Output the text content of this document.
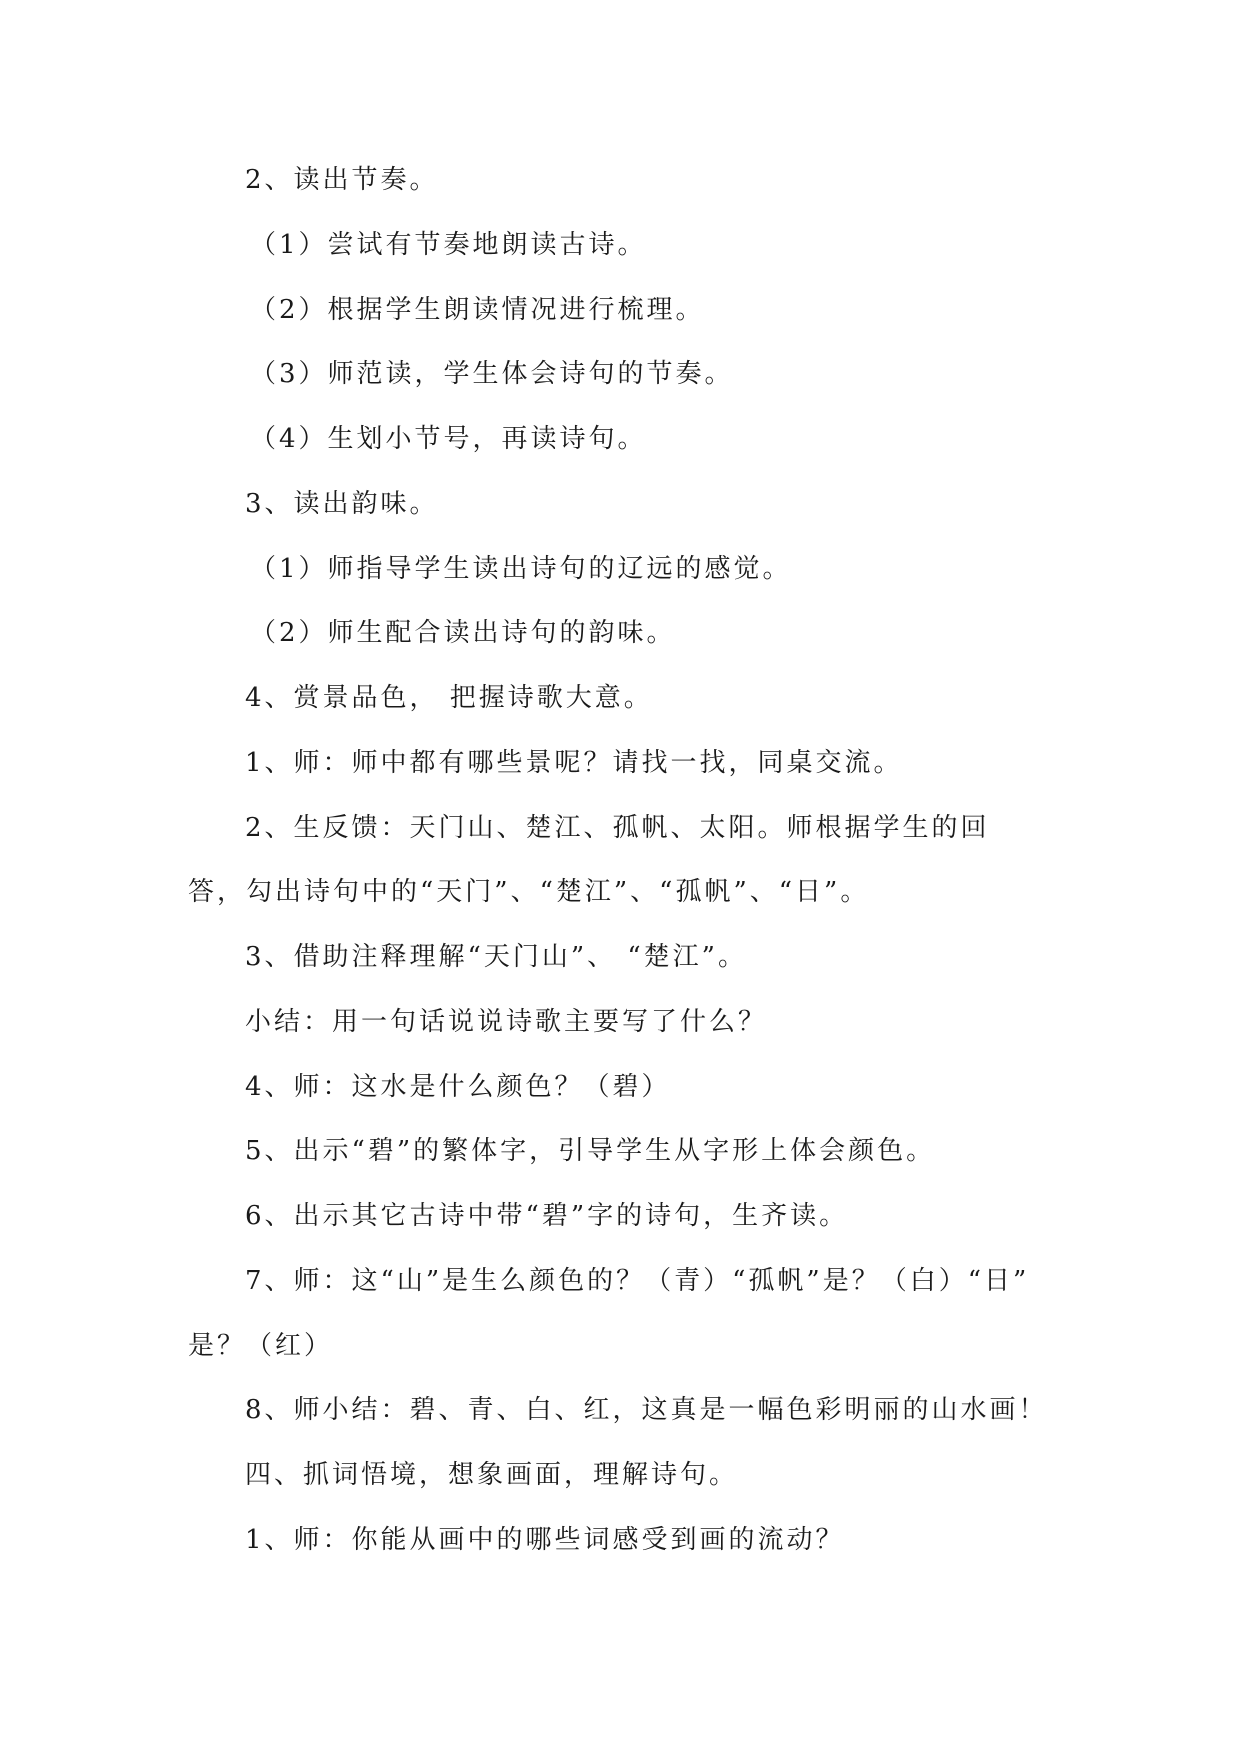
2、读出节奏。
（1）尝试有节奏地朗读古诗。
（2）根据学生朗读情况进行梳理。
（3）师范读，学生体会诗句的节奏。
（4）生划小节号，再读诗句。
3、读出韵味。
（1）师指导学生读出诗句的辽远的感觉。
（2）师生配合读出诗句的韵味。
4、赏景品色， 把握诗歌大意。
1、师：师中都有哪些景呢？请找一找，同桌交流。
2、生反馈：天门山、楚江、孤帆、太阳。师根据学生的回
答，勾出诗句中的“天门”、“楚江”、“孤帆”、“日”。
3、借助注释理解“天门山”、 “楚江”。
小结：用一句话说说诗歌主要写了什么？
4、师：这水是什么颜色？（碧）
5、出示“碧”的繁体字，引导学生从字形上体会颜色。
6、出示其它古诗中带“碧”字的诗句，生齐读。
7、师：这“山”是生么颜色的？（青）“孤帆”是？（白）“日”
是？（红）
8、师小结：碧、青、白、红，这真是一幅色彩明丽的山水画！
四、抓词悟境，想象画面，理解诗句。
1、师：你能从画中的哪些词感受到画的流动？
